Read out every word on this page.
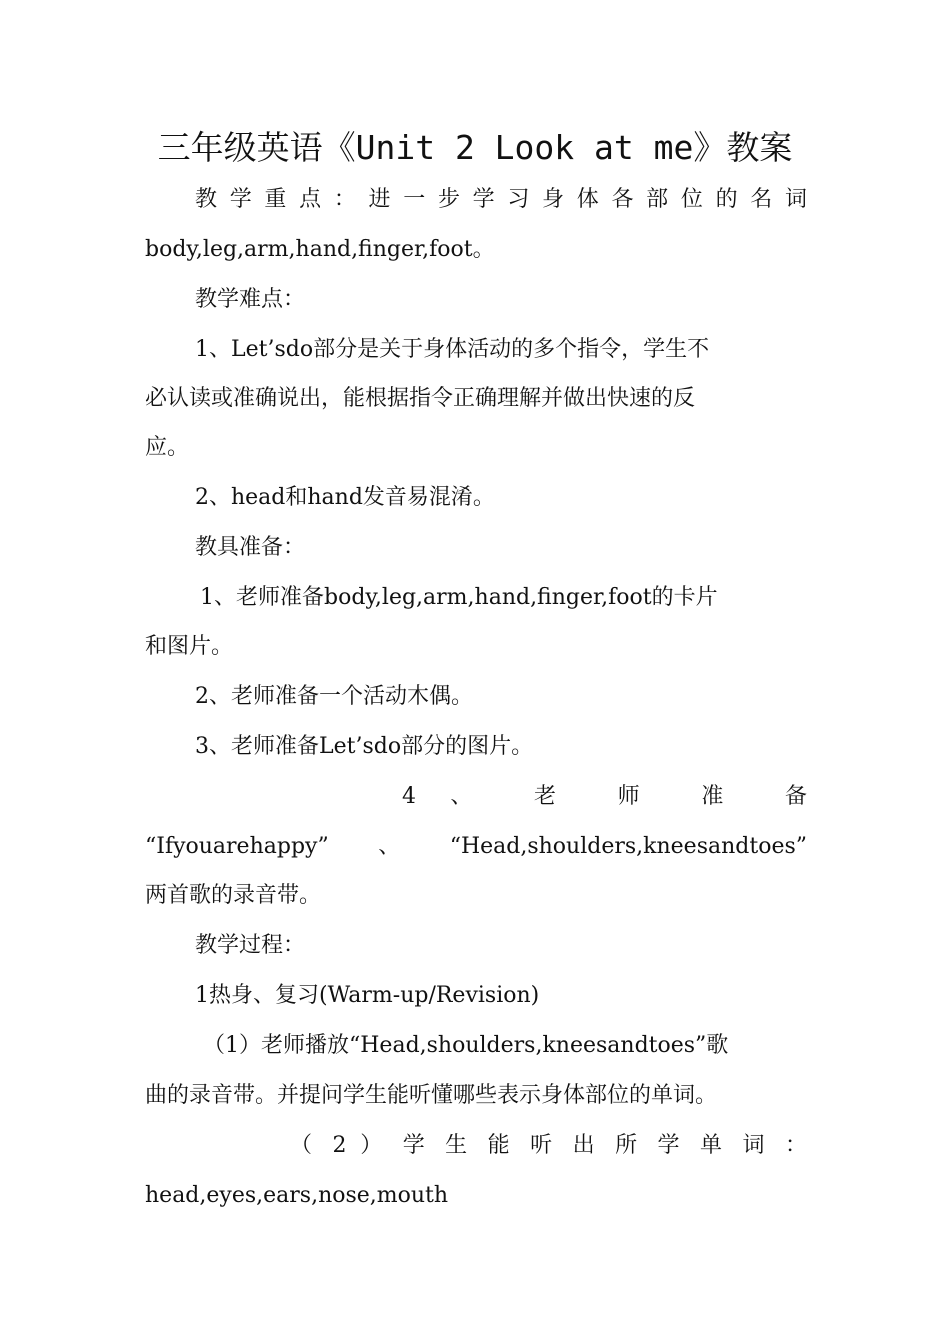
三年级英语《Unit 2 Look at me》教案
教 学 重 点 ： 进 一 步 学 习 身 体 各 部 位 的 名 词
body,leg,arm,hand,finger,foot。
教学难点：
1、Let’sdo部分是关于身体活动的多个指令，学生不
必认读或准确说出，能根据指令正确理解并做出快速的反
应。
2、head和hand发音易混淆。
教具准备：
1、老师准备body,leg,arm,hand,finger,foot的卡片
和图片。
2、老师准备一个活动木偶。
3、老师准备Let’sdo部分的图片。
4 、 老 师 准 备
“Ifyouarehappy”、“Head,shoulders,kneesandtoes”
两首歌的录音带。
教学过程：
1热身、复习(Warm-up/Revision)
（1）老师播放“Head,shoulders,kneesandtoes”歌
曲的录音带。并提问学生能听懂哪些表示身体部位的单词。
（ 2 ） 学 生 能 听 出 所 学 单 词 ：
head,eyes,ears,nose,mouth
